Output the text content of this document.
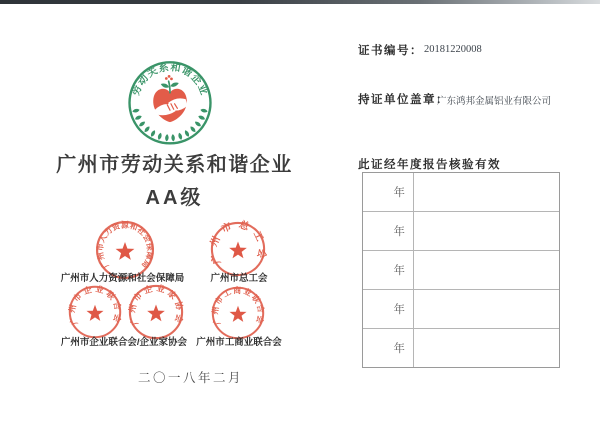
劳动关系和谐企业
广州市劳动关系和谐企业
AA级
广州市人力资源和社会保障局	广州市总工会
广州市人力资源和社会保障局	广州市总工会
广州市企业联合会 广州市企业家协会 广州市工商业联合会
广州市企业联合会/企业家协会 广州市工商业联合会
二〇一八年二月
证书编号： 20181220008
持证单位盖章：
广东鸿邦金属铝业有限公司
此证经年度报告核验有效
年
年
年
年
年
